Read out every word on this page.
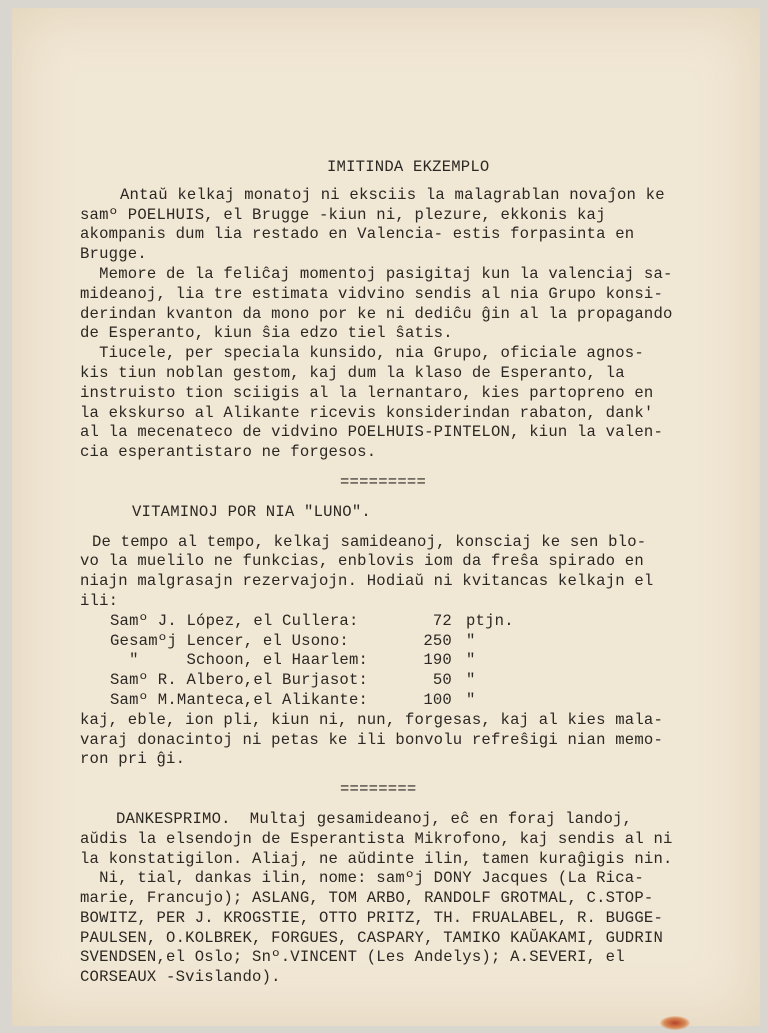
IMITINDA EKZEMPLO
Antaŭ kelkaj monatoj ni eksciis la malagrablan novaĵon ke
samº POELHUIS, el Brugge -kiun ni, plezure, ekkonis kaj
akompanis dum lia restado en Valencia- estis forpasinta en
Brugge.
Memore de la feliĉaj momentoj pasigitaj kun la valenciaj sa-
mideanoj, lia tre estimata vidvino sendis al nia Grupo konsi-
derindan kvanton da mono por ke ni dediĉu ĝin al la propagando
de Esperanto, kiun ŝia edzo tiel ŝatis.
Tiucele, per speciala kunsido, nia Grupo, oficiale agnos-
kis tiun noblan gestom, kaj dum la klaso de Esperanto, la
instruisto tion sciigis al la lernantaro, kies partopreno en
la ekskurso al Alikante ricevis konsiderindan rabaton, dank'
al la mecenateco de vidvino POELHUIS-PINTELON, kiun la valen-
cia esperantistaro ne forgesos.
=========
VITAMINOJ POR NIA "LUNO".
De tempo al tempo, kelkaj samideanoj, konsciaj ke sen blo-
vo la muelilo ne funkcias, enblovis iom da freŝa spirado en
niajn malgrasajn rezervajojn. Hodiaŭ ni kvitancas kelkajn el
ili:
Samº J. López, el Cullera:	72 ptjn.
Gesamºj Lencer, el Usono:	250 "
"     Schoon, el Haarlem:	190 "
Samº R. Albero,el Burjasot:	50 "
Samº M.Manteca,el Alikante:	100 "
kaj, eble, ion pli, kiun ni, nun, forgesas, kaj al kies mala-
varaj donacintoj ni petas ke ili bonvolu refreŝigi nian memo-
ron pri ĝi.
========
DANKESPRIMO.  Multaj gesamideanoj, eĉ en foraj landoj,
aŭdis la elsendojn de Esperantista Mikrofono, kaj sendis al ni
la konstatigilon. Aliaj, ne aŭdinte ilin, tamen kuraĝigis nin.
Ni, tial, dankas ilin, nome: samºj DONY Jacques (La Rica-
marie, Francujo); ASLANG, TOM ARBO, RANDOLF GROTMAL, C.STOP-
BOWITZ, PER J. KROGSTIE, OTTO PRITZ, TH. FRUALABEL, R. BUGGE-
PAULSEN, O.KOLBREK, FORGUES, CASPARY, TAMIKO KAŬAKAMI, GUDRIN
SVENDSEN,el Oslo; Snº.VINCENT (Les Andelys); A.SEVERI, el
CORSEAUX -Svislando).
